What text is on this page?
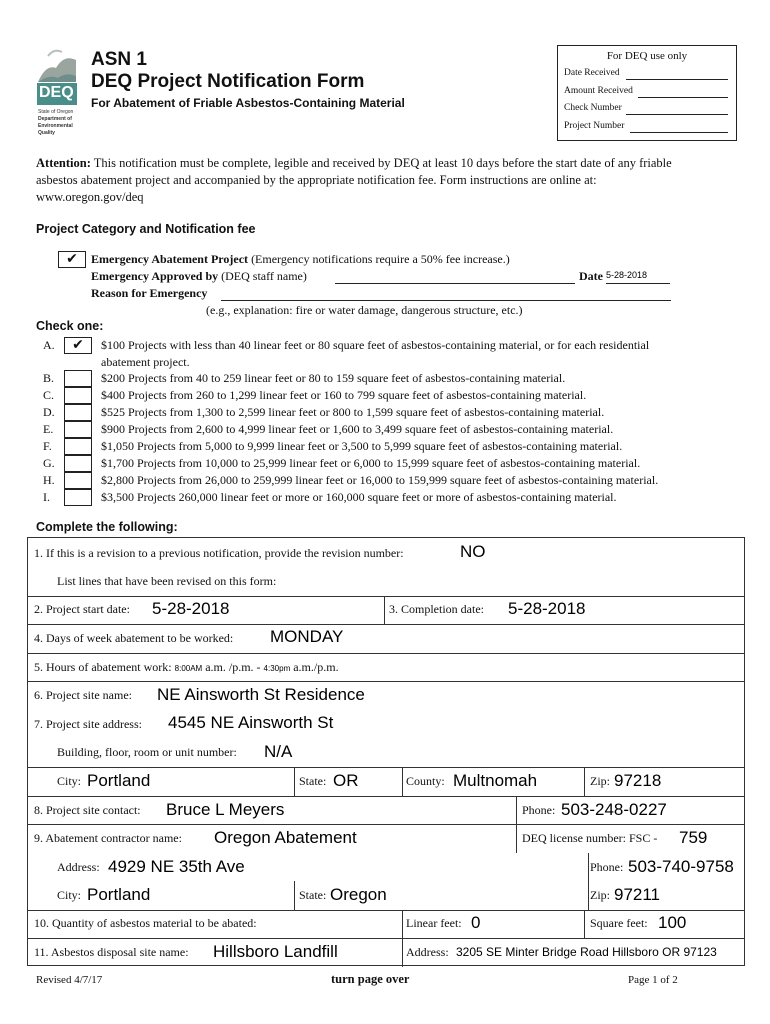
DEQ
State of Oregon
Department of
Environmental
Quality
ASN 1
DEQ Project Notification Form
For Abatement of Friable Asbestos-Containing Material
For DEQ use only
Date Received
Amount Received
Check Number
Project Number
Attention: This notification must be complete, legible and received by DEQ at least 10 days before the start date of any friable
asbestos abatement project and accompanied by the appropriate notification fee. Form instructions are online at:
www.oregon.gov/deq
Project Category and Notification fee
✔	Emergency Abatement Project (Emergency notifications require a 50% fee increase.)
Emergency Approved by (DEQ staff name)	Date 5-28-2018
Reason for Emergency
(e.g., explanation: fire or water damage, dangerous structure, etc.)
Check one:
A.	✔	$100 Projects with less than 40 linear feet or 80 square feet of asbestos-containing material, or for each residential
abatement project.
B.	$200 Projects from 40 to 259 linear feet or 80 to 159 square feet of asbestos-containing material.
C.	$400 Projects from 260 to 1,299 linear feet or 160 to 799 square feet of asbestos-containing material.
D.	$525 Projects from 1,300 to 2,599 linear feet or 800 to 1,599 square feet of asbestos-containing material.
E.	$900 Projects from 2,600 to 4,999 linear feet or 1,600 to 3,499 square feet of asbestos-containing material.
F.	$1,050 Projects from 5,000 to 9,999 linear feet or 3,500 to 5,999 square feet of asbestos-containing material.
G.	$1,700 Projects from 10,000 to 25,999 linear feet or 6,000 to 15,999 square feet of asbestos-containing material.
H.	$2,800 Projects from 26,000 to 259,999 linear feet or 16,000 to 159,999 square feet of asbestos-containing material.
I.	$3,500 Projects 260,000 linear feet or more or 160,000 square feet or more of asbestos-containing material.
Complete the following:
1. If this is a revision to a previous notification, provide the revision number:	NO
List lines that have been revised on this form:
2. Project start date: 5-28-2018	3. Completion date: 5-28-2018
4. Days of week abatement to be worked: MONDAY
5. Hours of abatement work: 8:00AM a.m. /p.m. - 4:30pm a.m./p.m.
6. Project site name: NE Ainsworth St Residence
7. Project site address: 4545 NE Ainsworth St
Building, floor, room or unit number: N/A
City: Portland	State: OR	County: Multnomah	Zip: 97218
8. Project site contact: Bruce L Meyers	Phone: 503-248-0227
9. Abatement contractor name: Oregon Abatement	DEQ license number: FSC - 759
Address: 4929 NE 35th Ave	Phone: 503-740-9758
City: Portland	State: Oregon	Zip: 97211
10. Quantity of asbestos material to be abated:	Linear feet: 0	Square feet: 100
11. Asbestos disposal site name: Hillsboro Landfill	Address: 3205 SE Minter Bridge Road Hillsboro OR 97123
Revised 4/7/17	turn page over	Page 1 of 2
